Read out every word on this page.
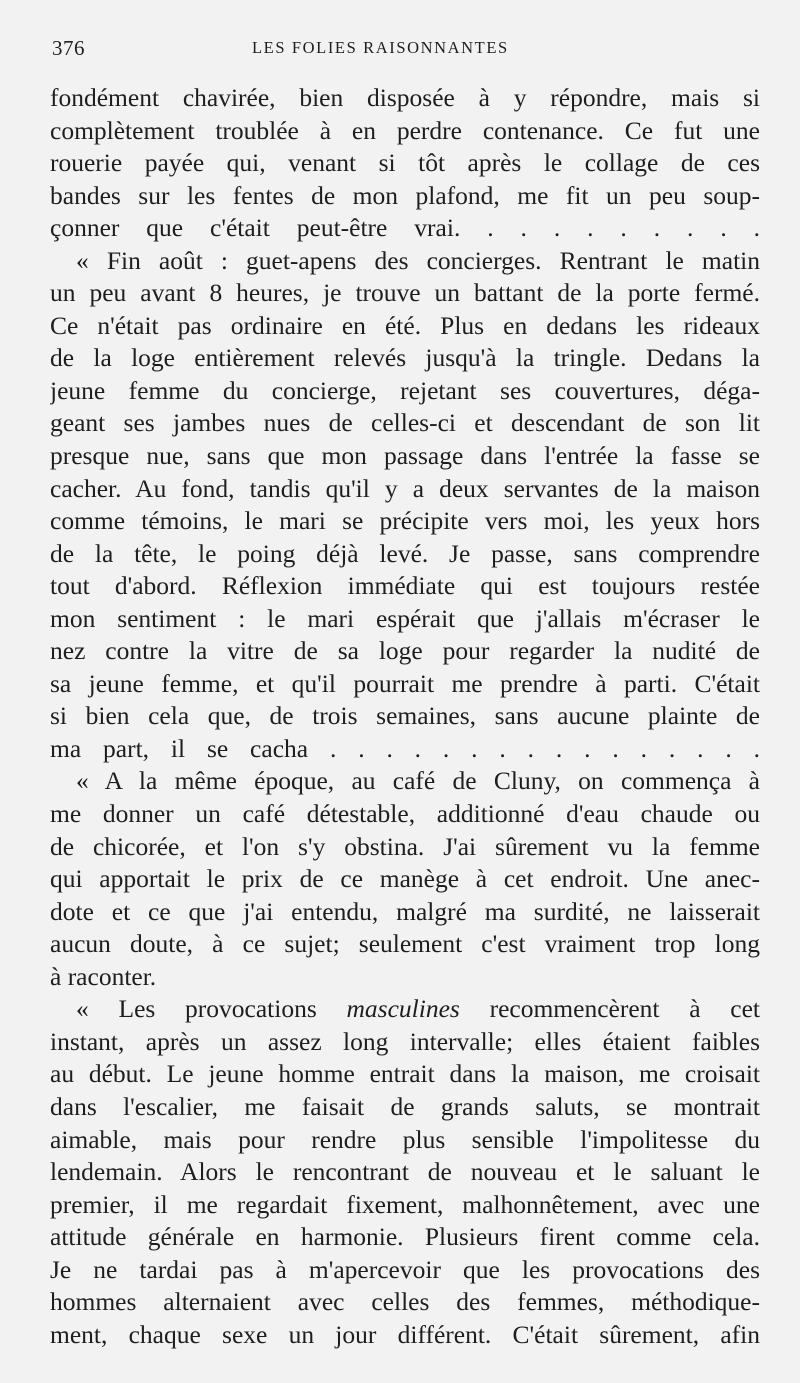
376	LES FOLIES RAISONNANTES
fondément chavirée, bien disposée à y répondre, mais si
complètement troublée à en perdre contenance. Ce fut une
rouerie payée qui, venant si tôt après le collage de ces
bandes sur les fentes de mon plafond, me fit un peu soup-
çonner que c'était peut-être vrai. . . . . . . . . .
« Fin août : guet-apens des concierges. Rentrant le matin
un peu avant 8 heures, je trouve un battant de la porte fermé.
Ce n'était pas ordinaire en été. Plus en dedans les rideaux
de la loge entièrement relevés jusqu'à la tringle. Dedans la
jeune femme du concierge, rejetant ses couvertures, déga-
geant ses jambes nues de celles-ci et descendant de son lit
presque nue, sans que mon passage dans l'entrée la fasse se
cacher. Au fond, tandis qu'il y a deux servantes de la maison
comme témoins, le mari se précipite vers moi, les yeux hors
de la tête, le poing déjà levé. Je passe, sans comprendre
tout d'abord. Réflexion immédiate qui est toujours restée
mon sentiment : le mari espérait que j'allais m'écraser le
nez contre la vitre de sa loge pour regarder la nudité de
sa jeune femme, et qu'il pourrait me prendre à parti. C'était
si bien cela que, de trois semaines, sans aucune plainte de
ma part, il se cacha . . . . . . . . . . . . . . . .
« A la même époque, au café de Cluny, on commença à
me donner un café détestable, additionné d'eau chaude ou
de chicorée, et l'on s'y obstina. J'ai sûrement vu la femme
qui apportait le prix de ce manège à cet endroit. Une anec-
dote et ce que j'ai entendu, malgré ma surdité, ne laisserait
aucun doute, à ce sujet; seulement c'est vraiment trop long
à raconter.
« Les provocations masculines recommencèrent à cet
instant, après un assez long intervalle; elles étaient faibles
au début. Le jeune homme entrait dans la maison, me croisait
dans l'escalier, me faisait de grands saluts, se montrait
aimable, mais pour rendre plus sensible l'impolitesse du
lendemain. Alors le rencontrant de nouveau et le saluant le
premier, il me regardait fixement, malhonnêtement, avec une
attitude générale en harmonie. Plusieurs firent comme cela.
Je ne tardai pas à m'apercevoir que les provocations des
hommes alternaient avec celles des femmes, méthodique-
ment, chaque sexe un jour différent. C'était sûrement, afin
